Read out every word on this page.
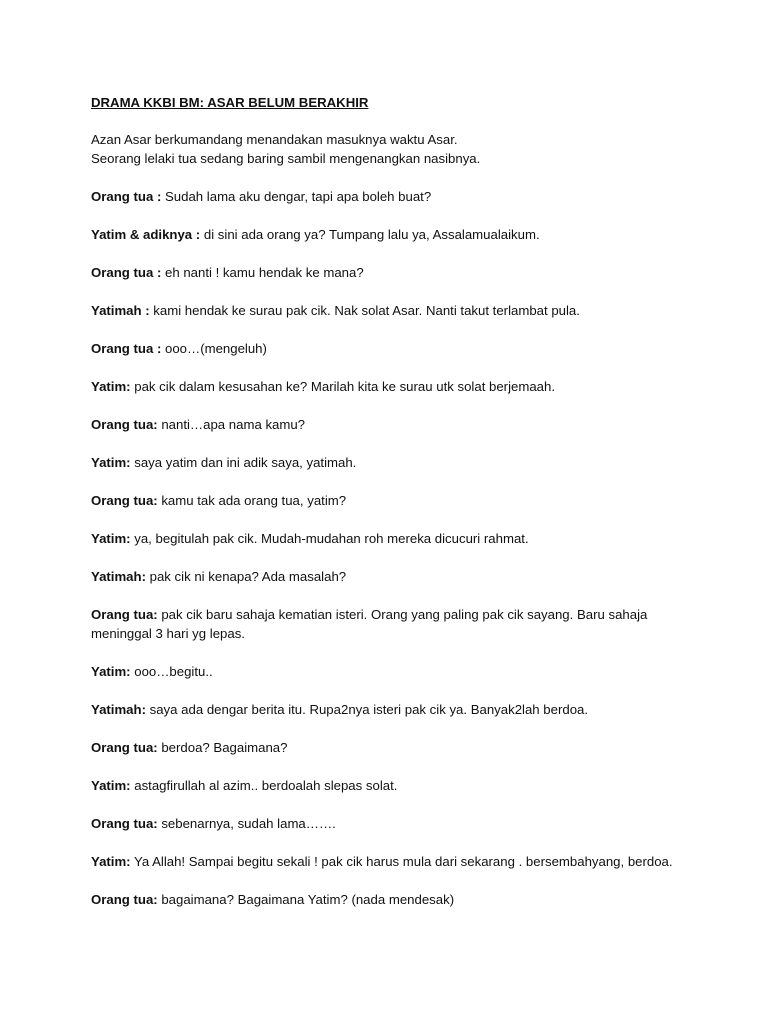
DRAMA KKBI BM: ASAR BELUM BERAKHIR
Azan Asar berkumandang menandakan masuknya waktu Asar.
Seorang lelaki tua sedang baring sambil mengenangkan nasibnya.
Orang tua : Sudah lama aku dengar, tapi apa boleh buat?
Yatim & adiknya : di sini ada orang ya? Tumpang lalu ya, Assalamualaikum.
Orang tua : eh nanti ! kamu hendak ke mana?
Yatimah : kami hendak ke surau pak cik. Nak solat Asar. Nanti takut terlambat pula.
Orang tua : ooo…(mengeluh)
Yatim: pak cik dalam kesusahan ke? Marilah kita ke surau utk solat berjemaah.
Orang tua: nanti…apa nama kamu?
Yatim: saya yatim dan ini adik saya, yatimah.
Orang tua: kamu tak ada orang tua, yatim?
Yatim: ya, begitulah pak cik. Mudah-mudahan roh mereka dicucuri rahmat.
Yatimah: pak cik ni kenapa? Ada masalah?
Orang tua: pak cik baru sahaja kematian isteri. Orang yang paling pak cik sayang. Baru sahaja meninggal 3 hari yg lepas.
Yatim: ooo…begitu..
Yatimah: saya ada dengar berita itu. Rupa2nya isteri pak cik ya. Banyak2lah berdoa.
Orang tua: berdoa? Bagaimana?
Yatim: astagfirullah al azim.. berdoalah slepas solat.
Orang tua: sebenarnya, sudah lama…….
Yatim: Ya Allah! Sampai begitu sekali ! pak cik harus mula dari sekarang . bersembahyang, berdoa.
Orang tua: bagaimana? Bagaimana Yatim? (nada mendesak)
